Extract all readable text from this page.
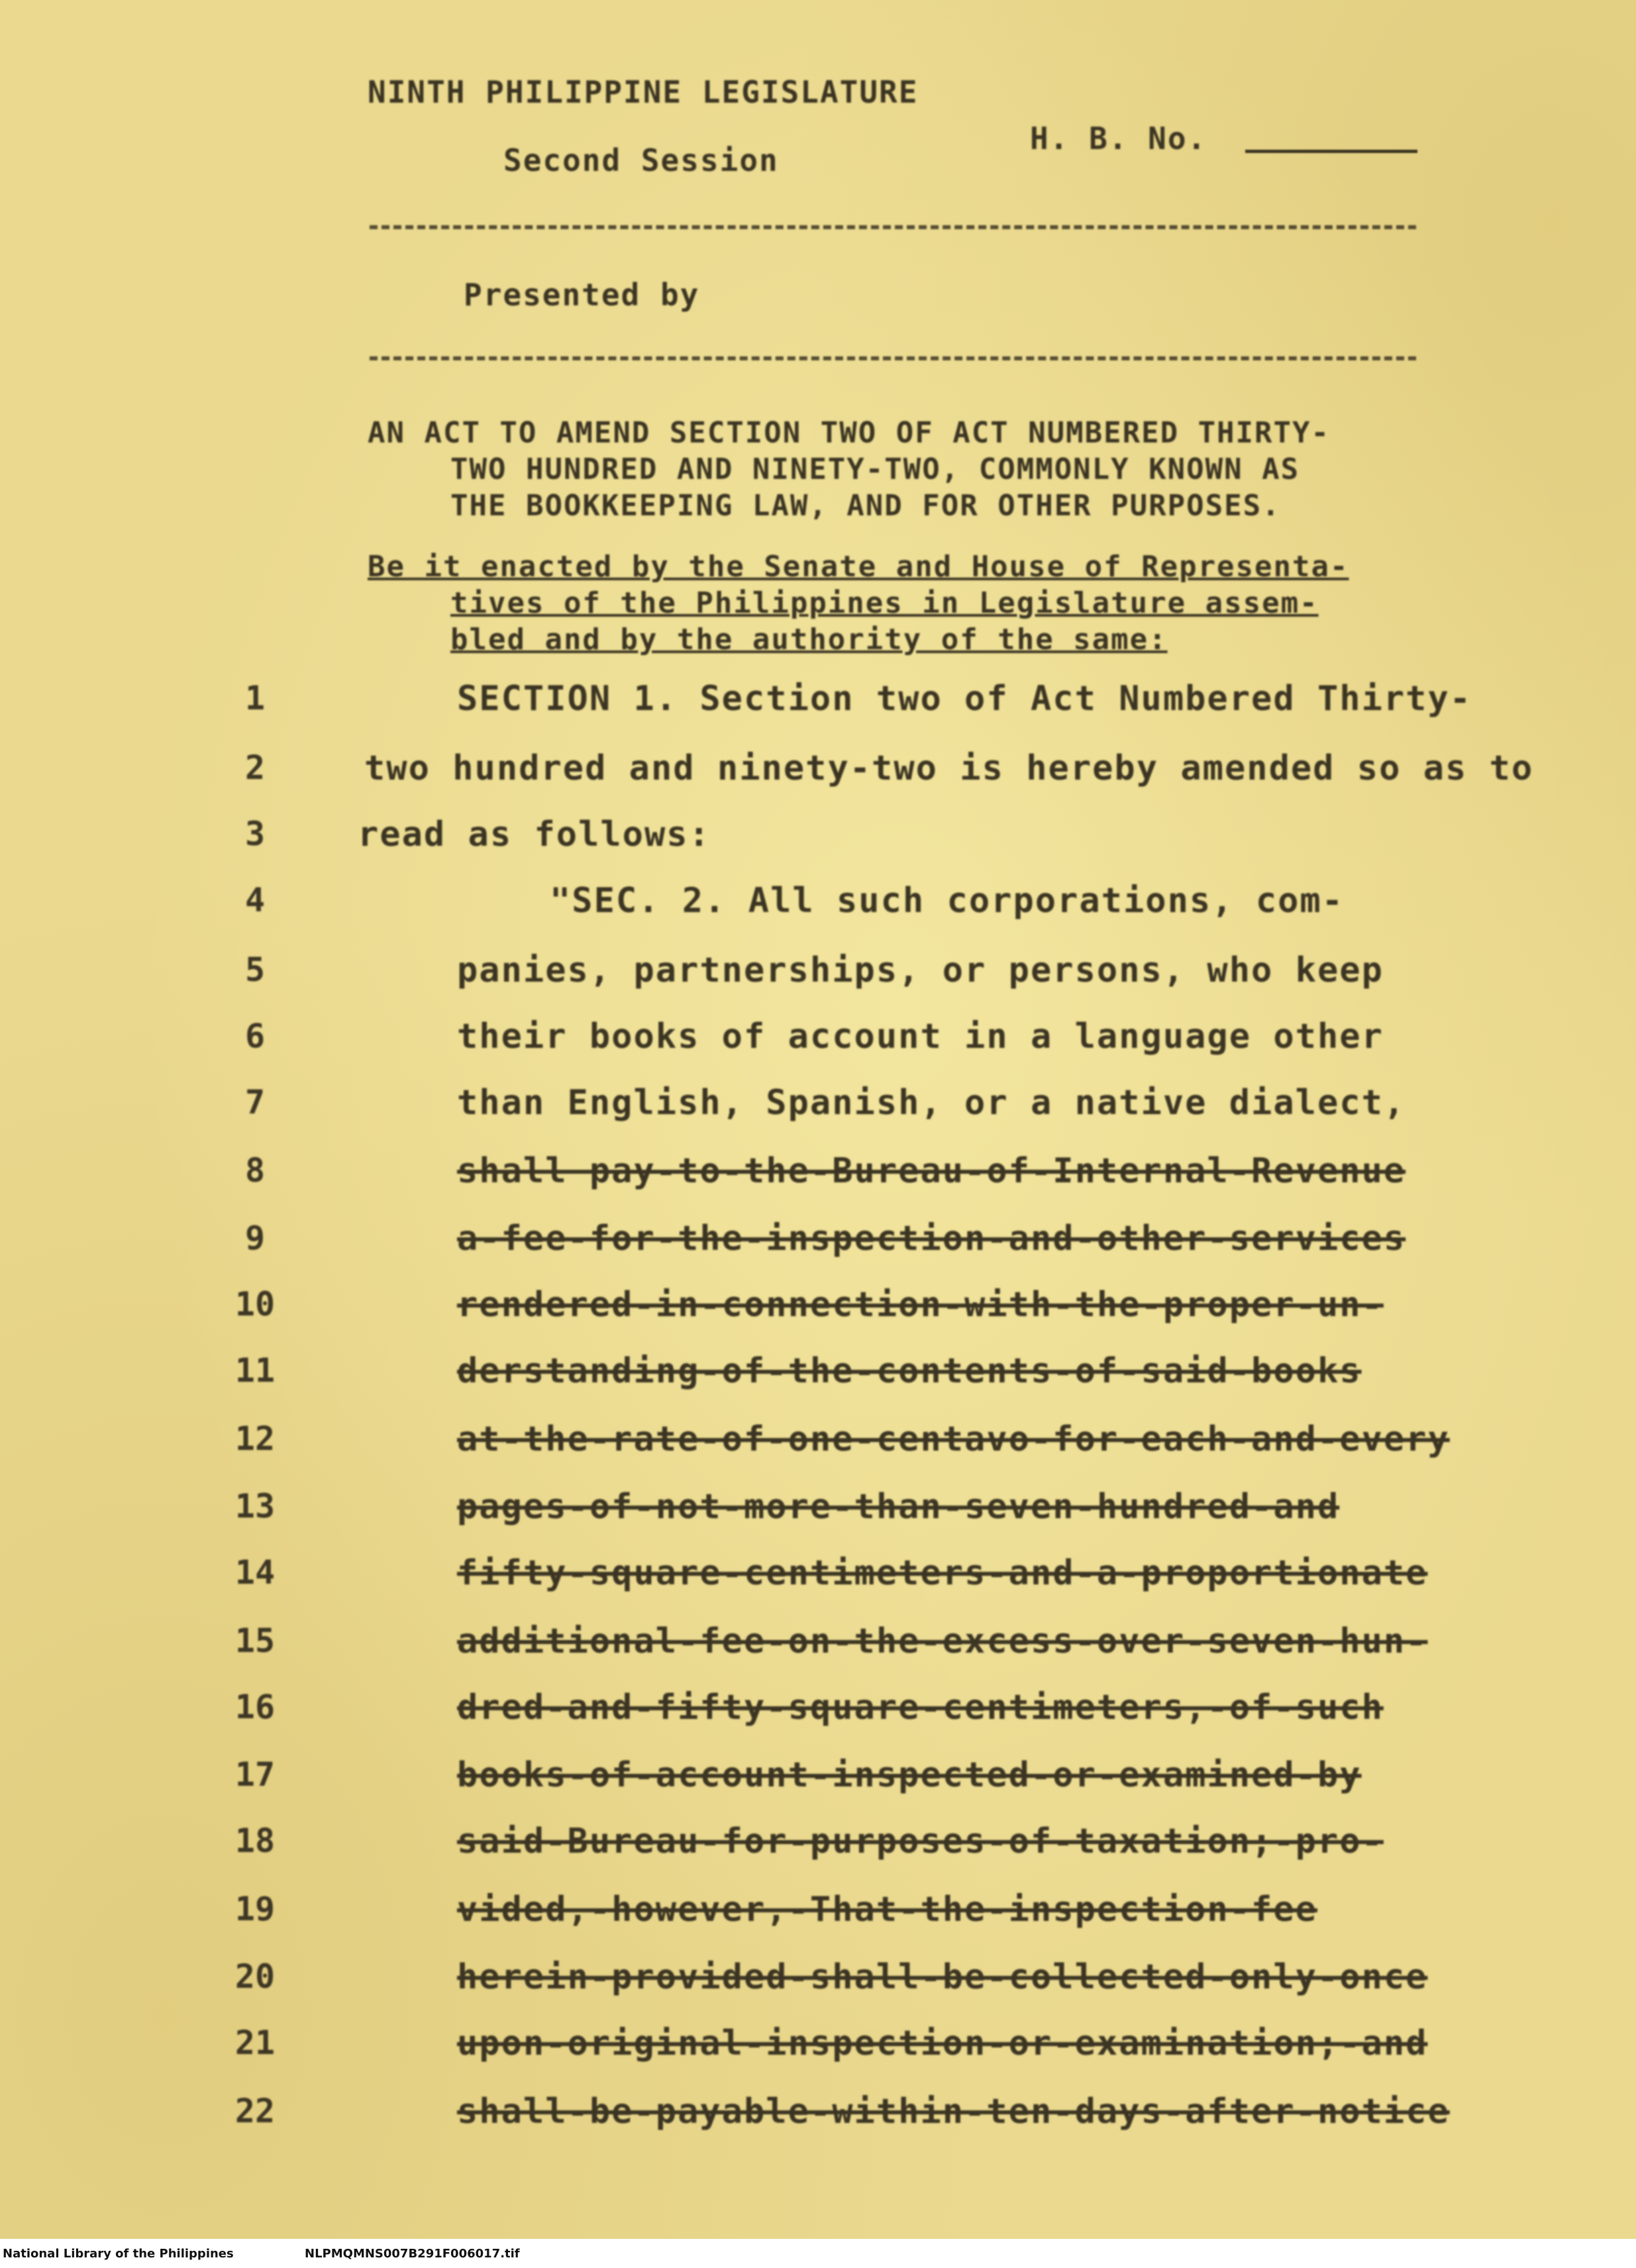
NINTH PHILIPPINE LEGISLATURE
Second Session
H. B. No.
Presented by
AN ACT TO AMEND SECTION TWO OF ACT NUMBERED THIRTY-
TWO HUNDRED AND NINETY-TWO, COMMONLY KNOWN AS
THE BOOKKEEPING LAW, AND FOR OTHER PURPOSES.
Be it enacted by the Senate and House of Representa-
tives of the Philippines in Legislature assem-
bled and by the authority of the same:
1	SECTION 1. Section two of Act Numbered Thirty-
2	two hundred and ninety-two is hereby amended so as to
3	read as follows:
4	"SEC. 2. All such corporations, com-
5	panies, partnerships, or persons, who keep
6	their books of account in a language other
7	than English, Spanish, or a native dialect,
8	shall pay-to-the-Bureau-of-Internal-Revenue
9	a-fee-for-the-inspection-and-other-services
10	rendered-in-connection-with-the-proper-un-
11	derstanding-of-the-contents-of-said-books
12	at-the-rate-of-one-centavo-for-each-and-every
13	pages-of-not-more-than-seven-hundred-and
14	fifty-square-centimeters-and-a-proportionate
15	additional-fee-on-the-excess-over-seven-hun-
16	dred-and-fifty-square-centimeters,-of-such
17	books-of-account-inspected-or-examined-by
18	said-Bureau-for-purposes-of-taxation;-pro-
19	vided,-however,-That-the-inspection-fee
20	herein-provided-shall-be-collected-only-once
21	upon-original-inspection-or-examination;-and
22	shall-be-payable-within-ten-days-after-notice
National Library of the Philippines	NLPMQMNS007B291F006017.tif
